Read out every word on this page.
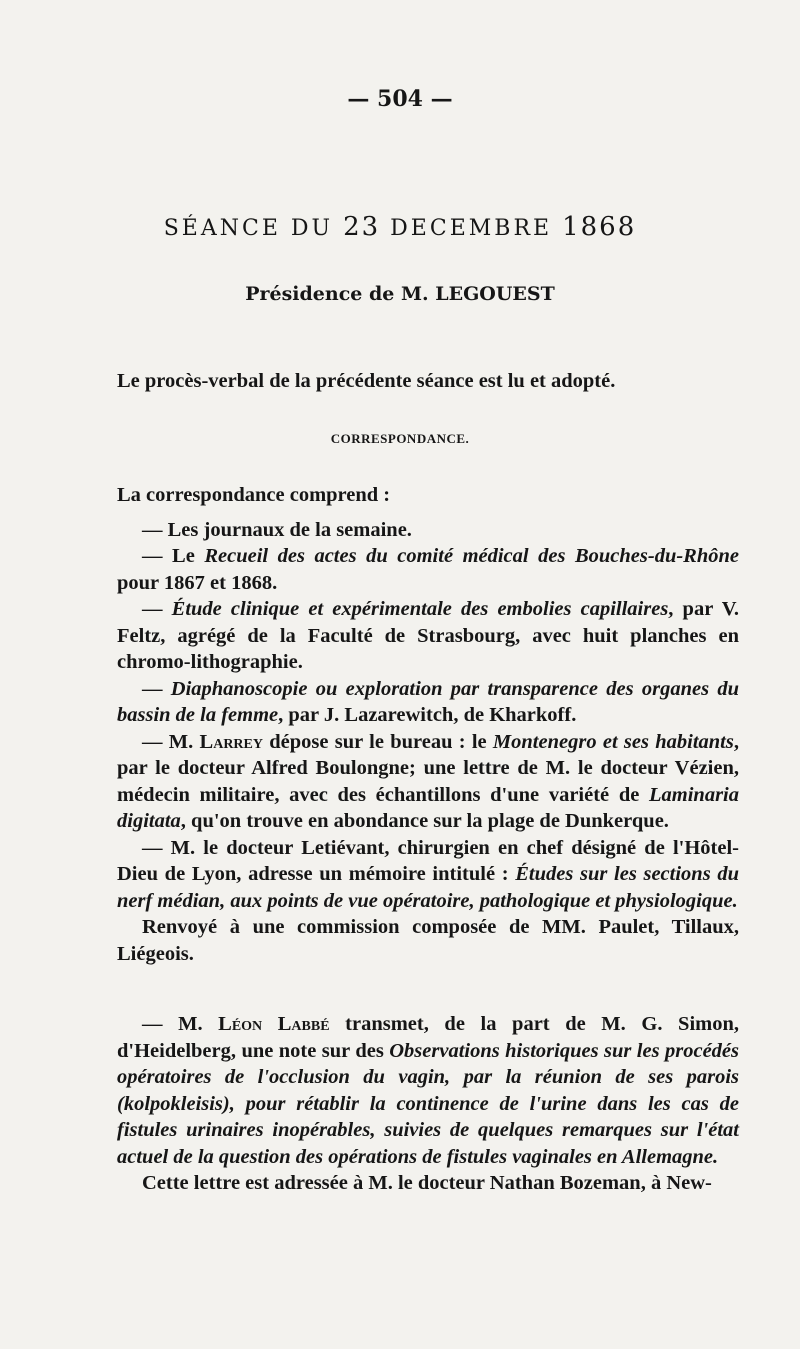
— 504 —
SÉANCE DU 23 DECEMBRE 1868
Présidence de M. LEGOUEST

Le procès-verbal de la précédente séance est lu et adopté.

CORRESPONDANCE.

La correspondance comprend :

— Les journaux de la semaine.

— Le Recueil des actes du comité médical des Bouches-du-Rhône pour 1867 et 1868.

— Étude clinique et expérimentale des embolies capillaires, par V. Feltz, agrégé de la Faculté de Strasbourg, avec huit planches en chromo-lithographie.

— Diaphanoscopie ou exploration par transparence des organes du bassin de la femme, par J. Lazarewitch, de Kharkoff.

— M. Larrey dépose sur le bureau : le Montenegro et ses habitants, par le docteur Alfred Boulongne; une lettre de M. le docteur Vézien, médecin militaire, avec des échantillons d'une variété de Laminaria digitata, qu'on trouve en abondance sur la plage de Dunkerque.

— M. le docteur Letiévant, chirurgien en chef désigné de l'Hôtel-Dieu de Lyon, adresse un mémoire intitulé : Études sur les sections du nerf médian, aux points de vue opératoire, pathologique et physiologique.

Renvoyé à une commission composée de MM. Paulet, Tillaux, Liégeois.

— M. Léon Labbé transmet, de la part de M. G. Simon, d'Heidelberg, une note sur des Observations historiques sur les procédés opératoires de l'occlusion du vagin, par la réunion de ses parois (kolpokleisis), pour rétablir la continence de l'urine dans les cas de fistules urinaires inopérables, suivies de quelques remarques sur l'état actuel de la question des opérations de fistules vaginales en Allemagne.

Cette lettre est adressée à M. le docteur Nathan Bozeman, à New-
